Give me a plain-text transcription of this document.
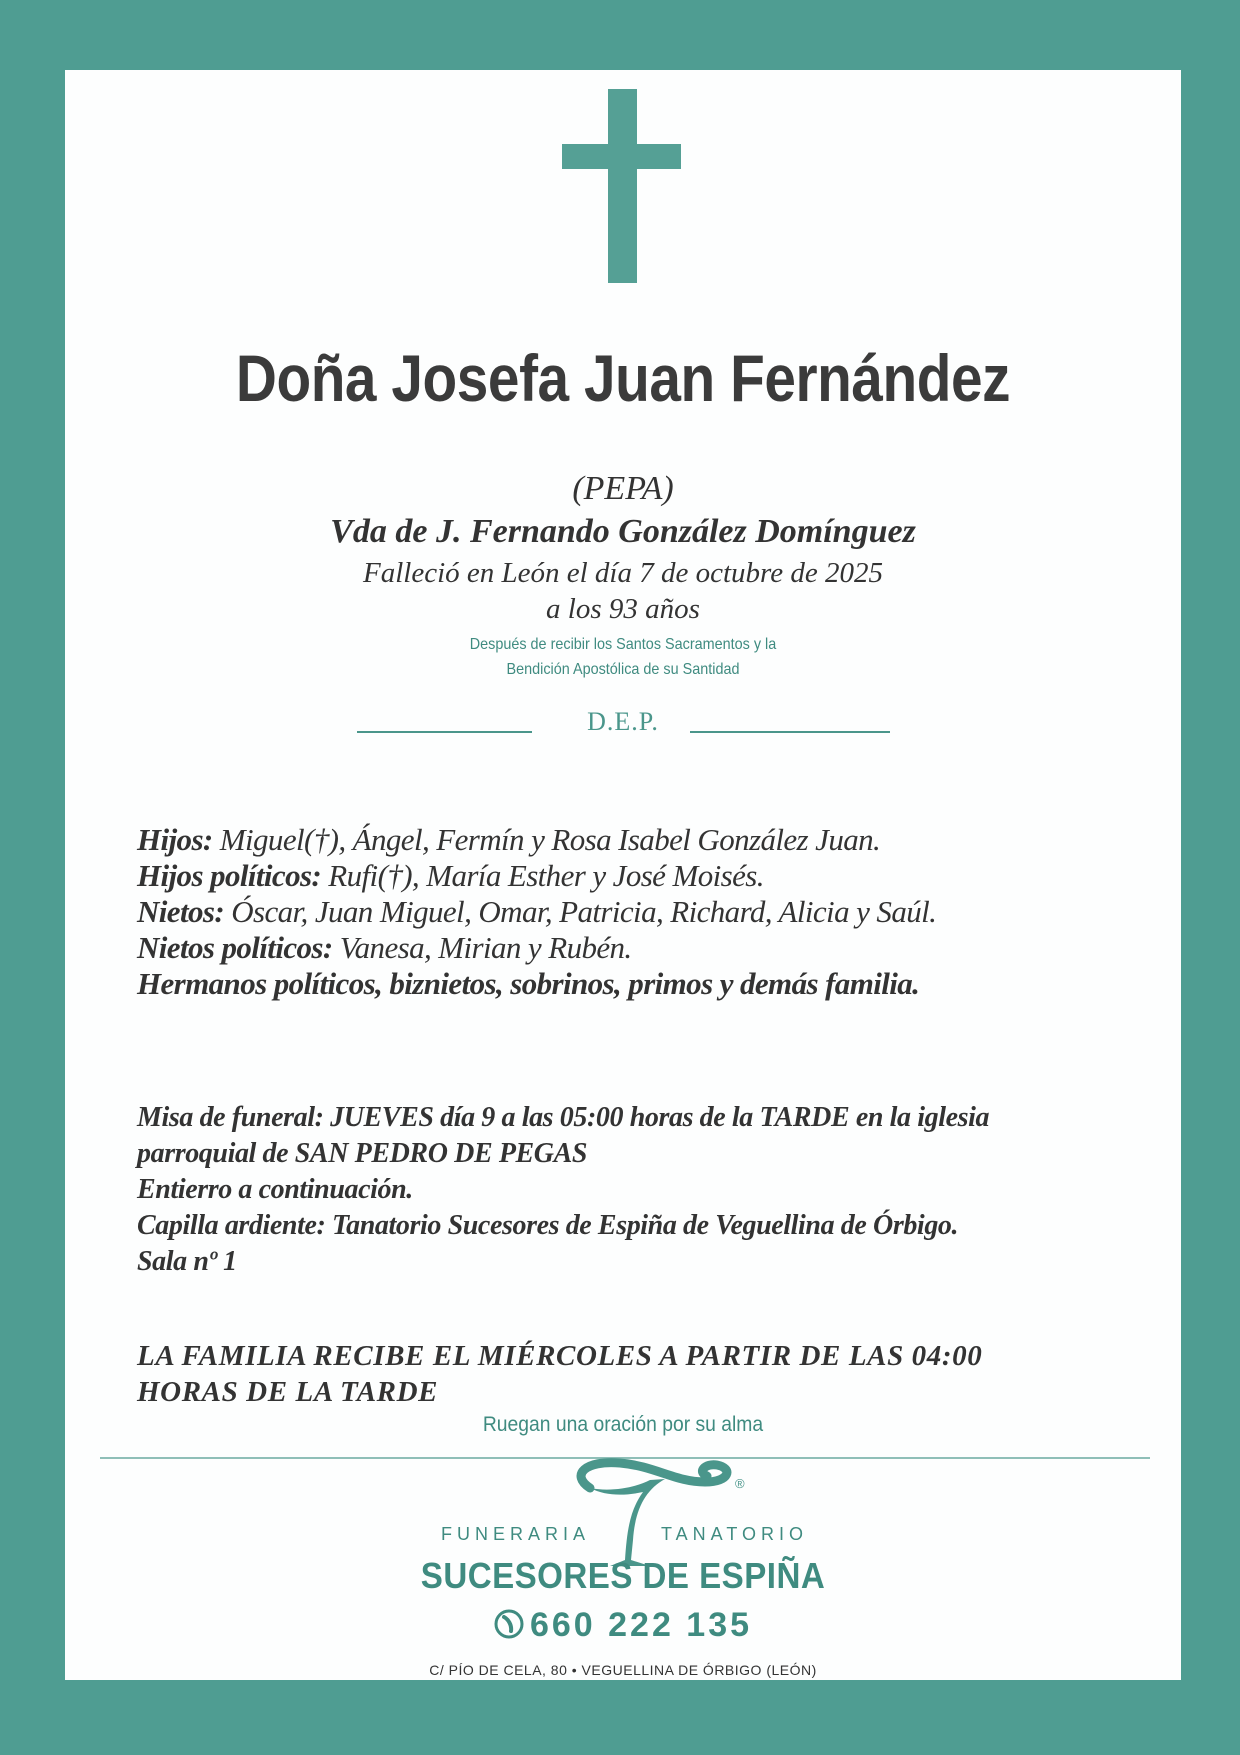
Doña Josefa Juan Fernández
(PEPA)
Vda de J. Fernando González Domínguez
Falleció en León el día 7 de octubre de 2025
a los 93 años
Después de recibir los Santos Sacramentos y la
Bendición Apostólica de su Santidad
D.E.P.
Hijos: Miguel(†), Ángel, Fermín y Rosa Isabel González Juan.
Hijos políticos: Rufi(†), María Esther y José Moisés.
Nietos: Óscar, Juan Miguel, Omar, Patricia, Richard, Alicia y Saúl.
Nietos políticos: Vanesa, Mirian y Rubén.
Hermanos políticos, biznietos, sobrinos, primos y demás familia.
Misa de funeral: JUEVES día 9 a las 05:00 horas de la TARDE en la iglesia
parroquial de SAN PEDRO DE PEGAS
Entierro a continuación.
Capilla ardiente: Tanatorio Sucesores de Espiña de Veguellina de Órbigo.
Sala nº 1
LA FAMILIA RECIBE EL MIÉRCOLES A PARTIR DE LAS 04:00
HORAS DE LA TARDE
Ruegan una oración por su alma
®
FUNERARIA	TANATORIO
SUCESORES DE ESPIÑA
660 222 135
C/ PÍO DE CELA, 80 • VEGUELLINA DE ÓRBIGO (LEÓN)
